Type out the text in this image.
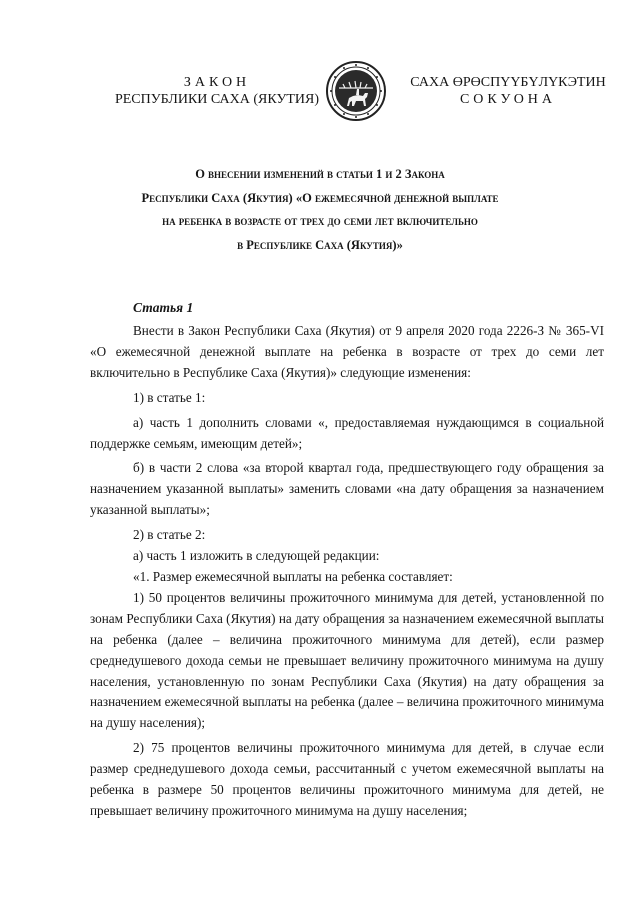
ЗАКОН
РЕСПУБЛИКИ САХА (ЯКУТИЯ)
САХА ӨРӨСПҮҮБҮЛҮКЭТИН
СОКУОНА
О внесении изменений в статьи 1 и 2 Закона
Республики Саха (Якутия) «О ежемесячной денежной выплате
на ребенка в возрасте от трех до семи лет включительно
в Республике Саха (Якутия)»
Статья 1

Внести в Закон Республики Саха (Якутия) от 9 апреля 2020 года 2226-З № 365-VI «О ежемесячной денежной выплате на ребенка в возрасте от трех до семи лет включительно в Республике Саха (Якутия)» следующие изменения:

1) в статье 1:

а) часть 1 дополнить словами «, предоставляемая нуждающимся в социальной поддержке семьям, имеющим детей»;

б) в части 2 слова «за второй квартал года, предшествующего году обращения за назначением указанной выплаты» заменить словами «на дату обращения за назначением указанной выплаты»;

2) в статье 2:

а) часть 1 изложить в следующей редакции:

«1. Размер ежемесячной выплаты на ребенка составляет:

1) 50 процентов величины прожиточного минимума для детей, установленной по зонам Республики Саха (Якутия) на дату обращения за назначением ежемесячной выплаты на ребенка (далее – величина прожиточного минимума для детей), если размер среднедушевого дохода семьи не превышает величину прожиточного минимума на душу населения, установленную по зонам Республики Саха (Якутия) на дату обращения за назначением ежемесячной выплаты на ребенка (далее – величина прожиточного минимума на душу населения);

2) 75 процентов величины прожиточного минимума для детей, в случае если размер среднедушевого дохода семьи, рассчитанный с учетом ежемесячной выплаты на ребенка в размере 50 процентов величины прожиточного минимума для детей, не превышает величину прожиточного минимума на душу населения;
